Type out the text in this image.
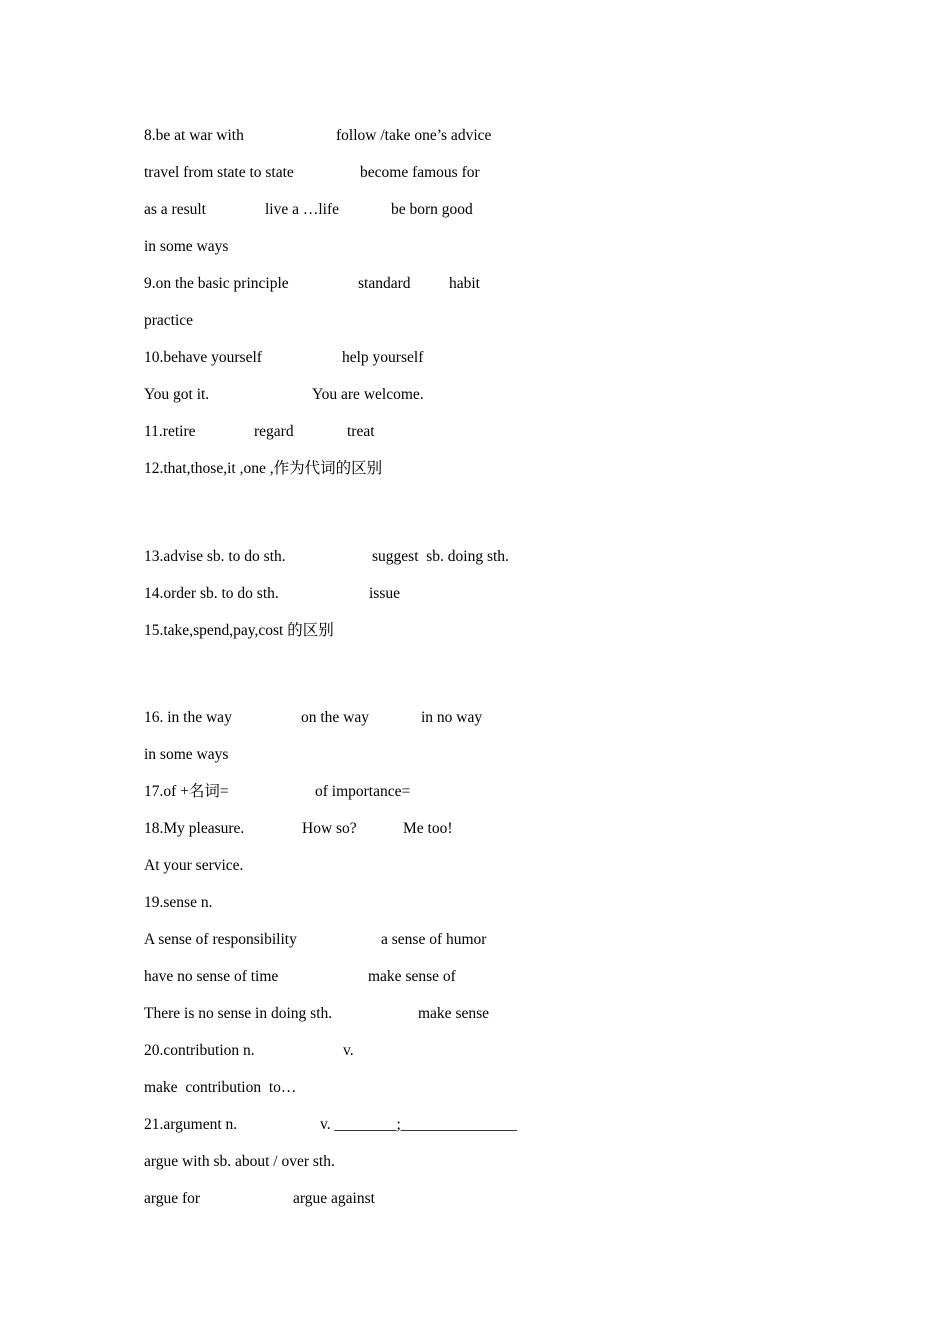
8.be at war with	follow /take one’s advice
travel from state to state	become famous for
as a result	live a …life	be born good
in some ways
9.on the basic principle	standard habit
practice
10.behave yourself	help yourself
You got it.	You are welcome.
11.retire	regard	treat
12.that,those,it ,one ,作为代词的区别
13.advise sb. to do sth.	suggest  sb. doing sth.
14.order sb. to do sth.	issue
15.take,spend,pay,cost 的区别
16. in the way	on the way	in no way
in some ways
17.of +名词=	of importance=
18.My pleasure.	How so?	Me too!
At your service.
19.sense n.
A sense of responsibility	a sense of humor
have no sense of time	make sense of
There is no sense in doing sth.	make sense
20.contribution n.	v.
make  contribution  to…
21.argument n.	v. ________;_______________
argue with sb. about / over sth.
argue for	argue against
